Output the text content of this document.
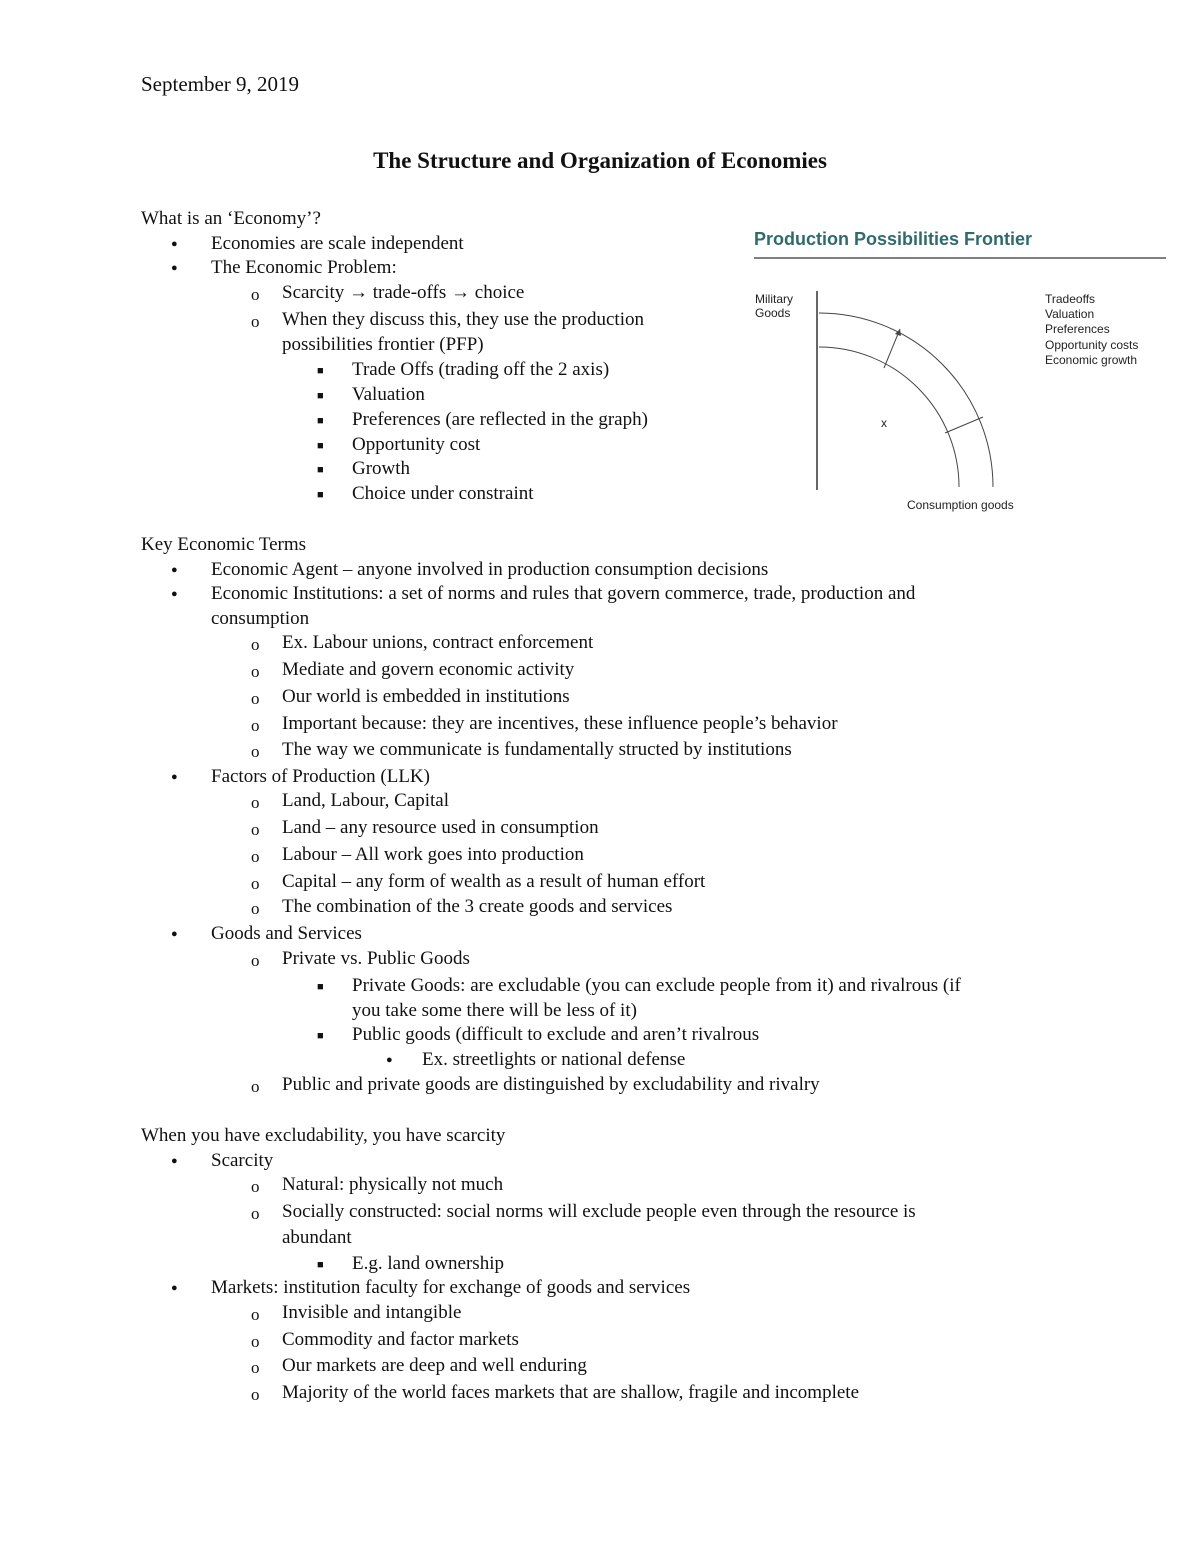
September 9, 2019
The Structure and Organization of Economies
What is an ‘Economy’?
● Economies are scale independent
● The Economic Problem:
o Scarcity → trade-offs → choice
o When they discuss this, they use the production
possibilities frontier (PFP)
■ Trade Offs (trading off the 2 axis)
■ Valuation
■ Preferences (are reflected in the graph)
■ Opportunity cost
■ Growth
■ Choice under constraint
Production Possibilities Frontier
Military
Goods
x
Consumption goods
Tradeoffs
Valuation
Preferences
Opportunity costs
Economic growth
Key Economic Terms
● Economic Agent – anyone involved in production consumption decisions
● Economic Institutions: a set of norms and rules that govern commerce, trade, production and
consumption
o Ex. Labour unions, contract enforcement
o Mediate and govern economic activity
o Our world is embedded in institutions
o Important because: they are incentives, these influence people’s behavior
o The way we communicate is fundamentally structed by institutions
● Factors of Production (LLK)
o Land, Labour, Capital
o Land – any resource used in consumption
o Labour – All work goes into production
o Capital – any form of wealth as a result of human effort
o The combination of the 3 create goods and services
● Goods and Services
o Private vs. Public Goods
■ Private Goods: are excludable (you can exclude people from it) and rivalrous (if
you take some there will be less of it)
■ Public goods (difficult to exclude and aren’t rivalrous
● Ex. streetlights or national defense
o Public and private goods are distinguished by excludability and rivalry
When you have excludability, you have scarcity
● Scarcity
o Natural: physically not much
o Socially constructed: social norms will exclude people even through the resource is
abundant
■ E.g. land ownership
● Markets: institution faculty for exchange of goods and services
o Invisible and intangible
o Commodity and factor markets
o Our markets are deep and well enduring
o Majority of the world faces markets that are shallow, fragile and incomplete
